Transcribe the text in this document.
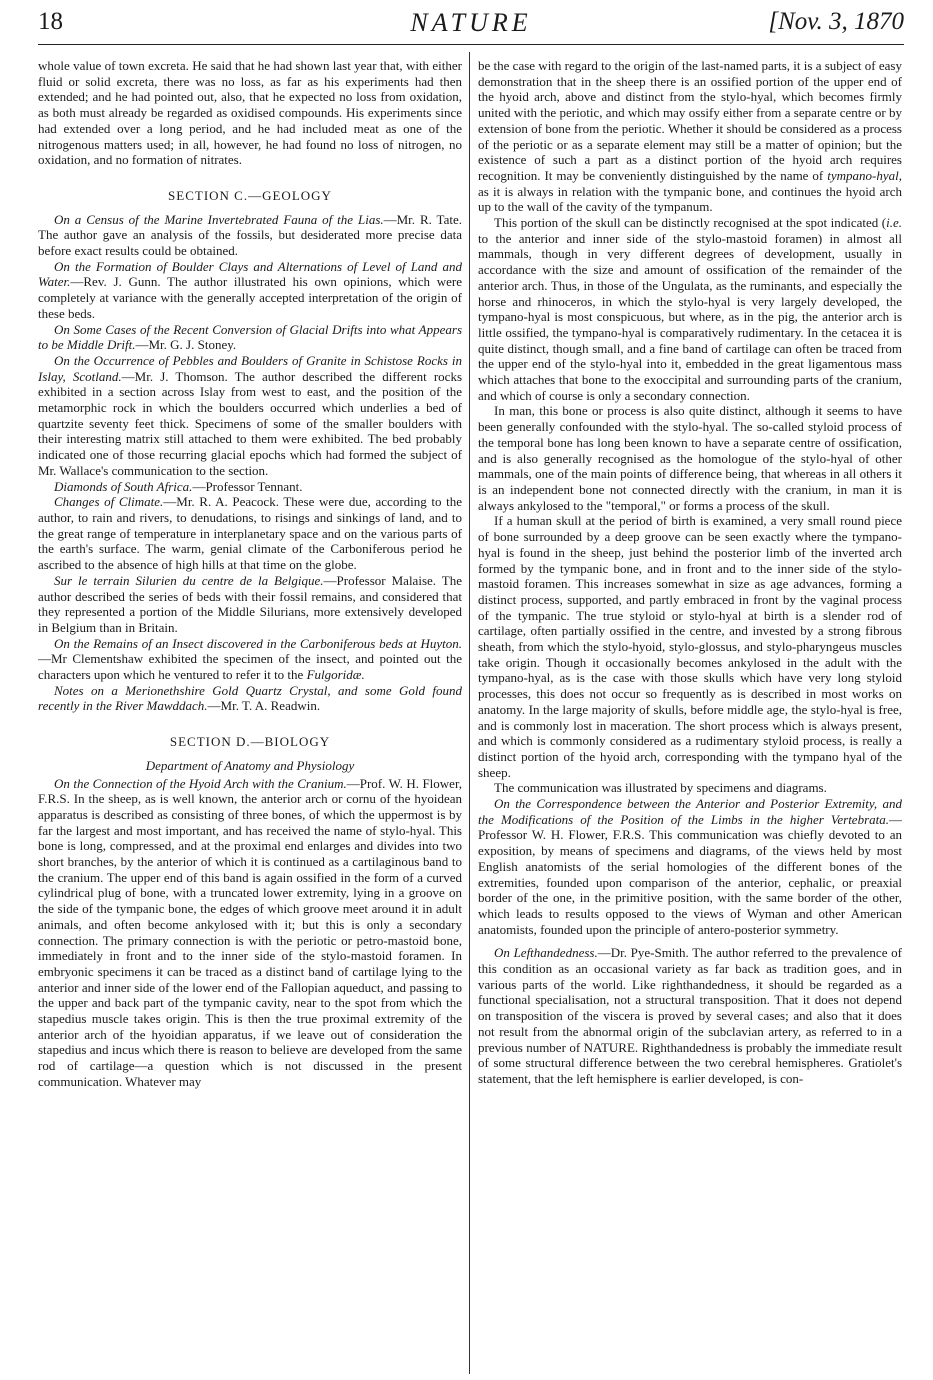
18	NATURE	[Nov. 3, 1870

whole value of town excreta. He said that he had shown last year that, with either fluid or solid excreta, there was no loss, as far as his experiments had then extended; and he had pointed out, also, that he expected no loss from oxidation, as both must already be regarded as oxidised compounds. His experiments since had extended over a long period, and he had included meat as one of the nitrogenous matters used; in all, however, he had found no loss of nitrogen, no oxidation, and no formation of nitrates.

SECTION C.—GEOLOGY

On a Census of the Marine Invertebrated Fauna of the Lias.—Mr. R. Tate. The author gave an analysis of the fossils, but desiderated more precise data before exact results could be obtained.

On the Formation of Boulder Clays and Alternations of Level of Land and Water.—Rev. J. Gunn. The author illustrated his own opinions, which were completely at variance with the generally accepted interpretation of the origin of these beds.

On Some Cases of the Recent Conversion of Glacial Drifts into what Appears to be Middle Drift.—Mr. G. J. Stoney.

On the Occurrence of Pebbles and Boulders of Granite in Schistose Rocks in Islay, Scotland.—Mr. J. Thomson. The author described the different rocks exhibited in a section across Islay from west to east, and the position of the metamorphic rock in which the boulders occurred which underlies a bed of quartzite seventy feet thick. Specimens of some of the smaller boulders with their interesting matrix still attached to them were exhibited. The bed probably indicated one of those recurring glacial epochs which had formed the subject of Mr. Wallace's communication to the section.

Diamonds of South Africa.—Professor Tennant.

Changes of Climate.—Mr. R. A. Peacock. These were due, according to the author, to rain and rivers, to denudations, to risings and sinkings of land, and to the great range of temperature in interplanetary space and on the various parts of the earth's surface. The warm, genial climate of the Carboniferous period he ascribed to the absence of high hills at that time on the globe.

Sur le terrain Silurien du centre de la Belgique.—Professor Malaise. The author described the series of beds with their fossil remains, and considered that they represented a portion of the Middle Silurians, more extensively developed in Belgium than in Britain.

On the Remains of an Insect discovered in the Carboniferous beds at Huyton.—Mr Clementshaw exhibited the specimen of the insect, and pointed out the characters upon which he ventured to refer it to the Fulgoridæ.

Notes on a Merionethshire Gold Quartz Crystal, and some Gold found recently in the River Mawddach.—Mr. T. A. Readwin.

SECTION D.—BIOLOGY

Department of Anatomy and Physiology

On the Connection of the Hyoid Arch with the Cranium.—Prof. W. H. Flower, F.R.S. In the sheep, as is well known, the anterior arch or cornu of the hyoidean apparatus is described as consisting of three bones, of which the uppermost is by far the largest and most important, and has received the name of stylo-hyal. This bone is long, compressed, and at the proximal end enlarges and divides into two short branches, by the anterior of which it is continued as a cartilaginous band to the cranium. The upper end of this band is again ossified in the form of a curved cylindrical plug of bone, with a truncated lower extremity, lying in a groove on the side of the tympanic bone, the edges of which groove meet around it in adult animals, and often become ankylosed with it; but this is only a secondary connection. The primary connection is with the periotic or petro-mastoid bone, immediately in front and to the inner side of the stylo-mastoid foramen. In embryonic specimens it can be traced as a distinct band of cartilage lying to the anterior and inner side of the lower end of the Fallopian aqueduct, and passing to the upper and back part of the tympanic cavity, near to the spot from which the stapedius muscle takes origin. This is then the true proximal extremity of the anterior arch of the hyoidian apparatus, if we leave out of consideration the stapedius and incus which there is reason to believe are developed from the same rod of cartilage—a question which is not discussed in the present communication. Whatever may

be the case with regard to the origin of the last-named parts, it is a subject of easy demonstration that in the sheep there is an ossified portion of the upper end of the hyoid arch, above and distinct from the stylo-hyal, which becomes firmly united with the periotic, and which may ossify either from a separate centre or by extension of bone from the periotic. Whether it should be considered as a process of the periotic or as a separate element may still be a matter of opinion; but the existence of such a part as a distinct portion of the hyoid arch requires recognition. It may be conveniently distinguished by the name of tympano-hyal, as it is always in relation with the tympanic bone, and continues the hyoid arch up to the wall of the cavity of the tympanum.

This portion of the skull can be distinctly recognised at the spot indicated (i.e. to the anterior and inner side of the stylo-mastoid foramen) in almost all mammals, though in very different degrees of development, usually in accordance with the size and amount of ossification of the remainder of the anterior arch. Thus, in those of the Ungulata, as the ruminants, and especially the horse and rhinoceros, in which the stylo-hyal is very largely developed, the tympano-hyal is most conspicuous, but where, as in the pig, the anterior arch is little ossified, the tympano-hyal is comparatively rudimentary. In the cetacea it is quite distinct, though small, and a fine band of cartilage can often be traced from the upper end of the stylo-hyal into it, embedded in the great ligamentous mass which attaches that bone to the exoccipital and surrounding parts of the cranium, and which of course is only a secondary connection.

In man, this bone or process is also quite distinct, although it seems to have been generally confounded with the stylo-hyal. The so-called styloid process of the temporal bone has long been known to have a separate centre of ossification, and is also generally recognised as the homologue of the stylo-hyal of other mammals, one of the main points of difference being, that whereas in all others it is an independent bone not connected directly with the cranium, in man it is always ankylosed to the "temporal," or forms a process of the skull.

If a human skull at the period of birth is examined, a very small round piece of bone surrounded by a deep groove can be seen exactly where the tympano-hyal is found in the sheep, just behind the posterior limb of the inverted arch formed by the tympanic bone, and in front and to the inner side of the stylo-mastoid foramen. This increases somewhat in size as age advances, forming a distinct process, supported, and partly embraced in front by the vaginal process of the tympanic. The true styloid or stylo-hyal at birth is a slender rod of cartilage, often partially ossified in the centre, and invested by a strong fibrous sheath, from which the stylo-hyoid, stylo-glossus, and stylo-pharyngeus muscles take origin. Though it occasionally becomes ankylosed in the adult with the tympano-hyal, as is the case with those skulls which have very long styloid processes, this does not occur so frequently as is described in most works on anatomy. In the large majority of skulls, before middle age, the stylo-hyal is free, and is commonly lost in maceration. The short process which is always present, and which is commonly considered as a rudimentary styloid process, is really a distinct portion of the hyoid arch, corresponding with the tympano hyal of the sheep.

The communication was illustrated by specimens and diagrams.

On the Correspondence between the Anterior and Posterior Extremity, and the Modifications of the Position of the Limbs in the higher Vertebrata.—Professor W. H. Flower, F.R.S. This communication was chiefly devoted to an exposition, by means of specimens and diagrams, of the views held by most English anatomists of the serial homologies of the different bones of the extremities, founded upon comparison of the anterior, cephalic, or preaxial border of the one, in the primitive position, with the same border of the other, which leads to results opposed to the views of Wyman and other American anatomists, founded upon the principle of antero-posterior symmetry.

On Lefthandedness.—Dr. Pye-Smith. The author referred to the prevalence of this condition as an occasional variety as far back as tradition goes, and in various parts of the world. Like righthandedness, it should be regarded as a functional specialisation, not a structural transposition. That it does not depend on transposition of the viscera is proved by several cases; and also that it does not result from the abnormal origin of the subclavian artery, as referred to in a previous number of NATURE. Righthandedness is probably the immediate result of some structural difference between the two cerebral hemispheres. Gratiolet's statement, that the left hemisphere is earlier developed, is con-
